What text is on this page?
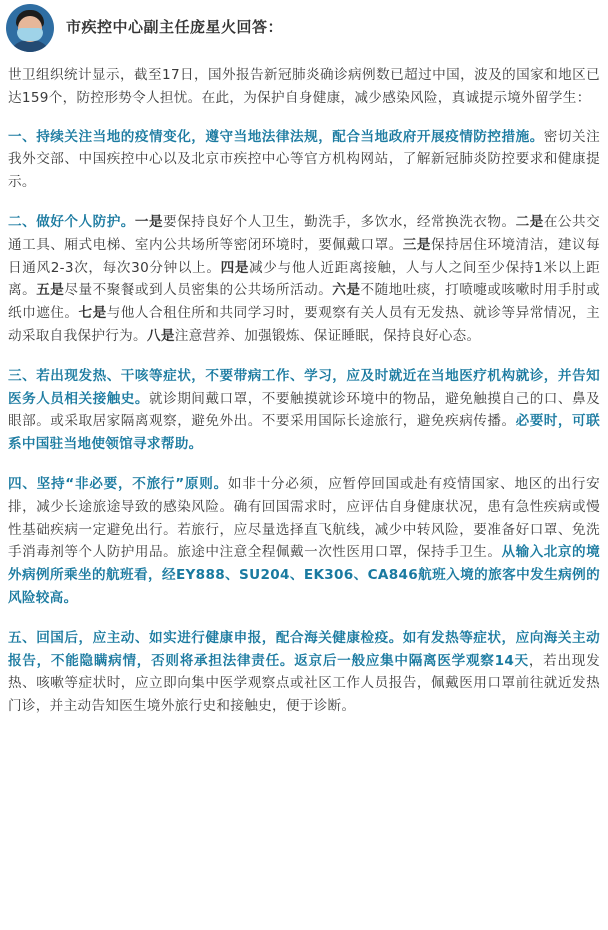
市疾控中心副主任庞星火回答：

世卫组织统计显示，截至17日，国外报告新冠肺炎确诊病例数已超过中国，波及的国家和地区已达159个，防控形势令人担忧。在此，为保护自身健康，减少感染风险，真诚提示境外留学生：

一、持续关注当地的疫情变化，遵守当地法律法规，配合当地政府开展疫情防控措施。密切关注我外交部、中国疾控中心以及北京市疾控中心等官方机构网站，了解新冠肺炎防控要求和健康提示。

二、做好个人防护。一是要保持良好个人卫生，勤洗手，多饮水，经常换洗衣物。二是在公共交通工具、厢式电梯、室内公共场所等密闭环境时，要佩戴口罩。三是保持居住环境清洁，建议每日通风2-3次，每次30分钟以上。四是减少与他人近距离接触，人与人之间至少保持1米以上距离。五是尽量不聚餐或到人员密集的公共场所活动。六是不随地吐痰，打喷嚏或咳嗽时用手肘或纸巾遮住。七是与他人合租住所和共同学习时，要观察有关人员有无发热、就诊等异常情况，主动采取自我保护行为。八是注意营养、加强锻炼、保证睡眠，保持良好心态。

三、若出现发热、干咳等症状，不要带病工作、学习，应及时就近在当地医疗机构就诊，并告知医务人员相关接触史。就诊期间戴口罩，不要触摸就诊环境中的物品，避免触摸自己的口、鼻及眼部。或采取居家隔离观察，避免外出。不要采用国际长途旅行，避免疾病传播。必要时，可联系中国驻当地使领馆寻求帮助。

四、坚持“非必要，不旅行”原则。如非十分必须，应暂停回国或赴有疫情国家、地区的出行安排，减少长途旅途导致的感染风险。确有回国需求时，应评估自身健康状况，患有急性疾病或慢性基础疾病一定避免出行。若旅行，应尽量选择直飞航线，减少中转风险，要准备好口罩、免洗手消毒剂等个人防护用品。旅途中注意全程佩戴一次性医用口罩，保持手卫生。从输入北京的境外病例所乘坐的航班看，经EY888、SU204、EK306、CA846航班入境的旅客中发生病例的风险较高。

五、回国后，应主动、如实进行健康申报，配合海关健康检疫。如有发热等症状，应向海关主动报告，不能隐瞒病情，否则将承担法律责任。返京后一般应集中隔离医学观察14天，若出现发热、咳嗽等症状时，应立即向集中医学观察点或社区工作人员报告，佩戴医用口罩前往就近发热门诊，并主动告知医生境外旅行史和接触史，便于诊断。
